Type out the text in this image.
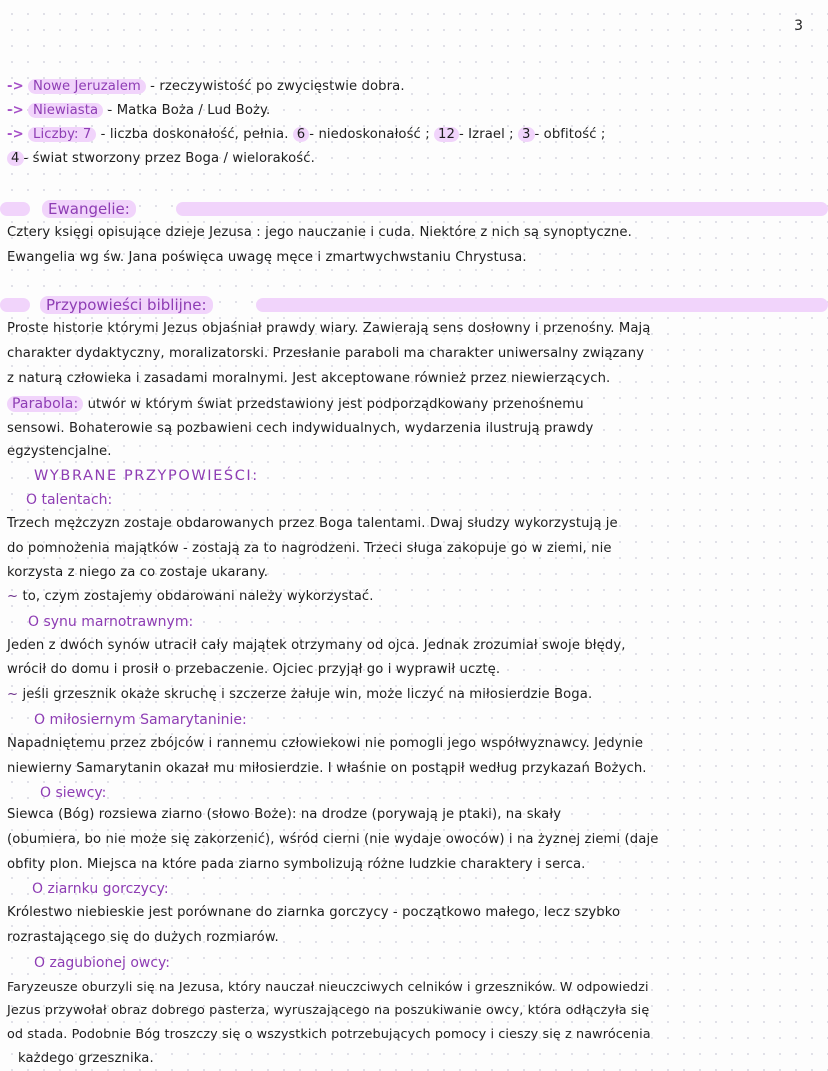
3
-> Nowe Jeruzalem - rzeczywistość po zwycięstwie dobra.
-> Niewiasta - Matka Boża / Lud Boży.
-> Liczby: 7 - liczba doskonałość, pełnia. 6 - niedoskonałość ; 12 - Izrael ; 3 - obfitość ;
4 - świat stworzony przez Boga / wielorakość.
Ewangelie:
Cztery księgi opisujące dzieje Jezusa : jego nauczanie i cuda. Niektóre z nich są synoptyczne.
Ewangelia wg św. Jana poświęca uwagę męce i zmartwychwstaniu Chrystusa.
Przypowieści biblijne:
Proste historie którymi Jezus objaśniał prawdy wiary. Zawierają sens dosłowny i przenośny. Mają
charakter dydaktyczny, moralizatorski. Przesłanie paraboli ma charakter uniwersalny związany
z naturą człowieka i zasadami moralnymi. Jest akceptowane również przez niewierzących.
Parabola: utwór w którym świat przedstawiony jest podporządkowany przenośnemu
sensowi. Bohaterowie są pozbawieni cech indywidualnych, wydarzenia ilustrują prawdy
egzystencjalne.
WYBRANE PRZYPOWIEŚCI:
O talentach:
Trzech mężczyzn zostaje obdarowanych przez Boga talentami. Dwaj słudzy wykorzystują je
do pomnożenia majątków - zostają za to nagrodzeni. Trzeci sługa zakopuje go w ziemi, nie
korzysta z niego za co zostaje ukarany.
~ to, czym zostajemy obdarowani należy wykorzystać.
O synu marnotrawnym:
Jeden z dwóch synów utracił cały majątek otrzymany od ojca. Jednak zrozumiał swoje błędy,
wrócił do domu i prosił o przebaczenie. Ojciec przyjął go i wyprawił ucztę.
~ jeśli grzesznik okaże skruchę i szczerze żałuje win, może liczyć na miłosierdzie Boga.
O miłosiernym Samarytaninie:
Napadniętemu przez zbójców i rannemu człowiekowi nie pomogli jego współwyznawcy. Jedynie
niewierny Samarytanin okazał mu miłosierdzie. I właśnie on postąpił według przykazań Bożych.
O siewcy:
Siewca (Bóg) rozsiewa ziarno (słowo Boże): na drodze (porywają je ptaki), na skały
(obumiera, bo nie może się zakorzenić), wśród cierni (nie wydaje owoców) i na żyznej ziemi (daje
obfity plon. Miejsca na które pada ziarno symbolizują różne ludzkie charaktery i serca.
O ziarnku gorczycy:
Królestwo niebieskie jest porównane do ziarnka gorczycy - początkowo małego, lecz szybko
rozrastającego się do dużych rozmiarów.
O zagubionej owcy:
Faryzeusze oburzyli się na Jezusa, który nauczał nieuczciwych celników i grzeszników. W odpowiedzi
Jezus przywołał obraz dobrego pasterza, wyruszającego na poszukiwanie owcy, która odłączyła się
od stada. Podobnie Bóg troszczy się o wszystkich potrzebujących pomocy i cieszy się z nawrócenia
każdego grzesznika.
